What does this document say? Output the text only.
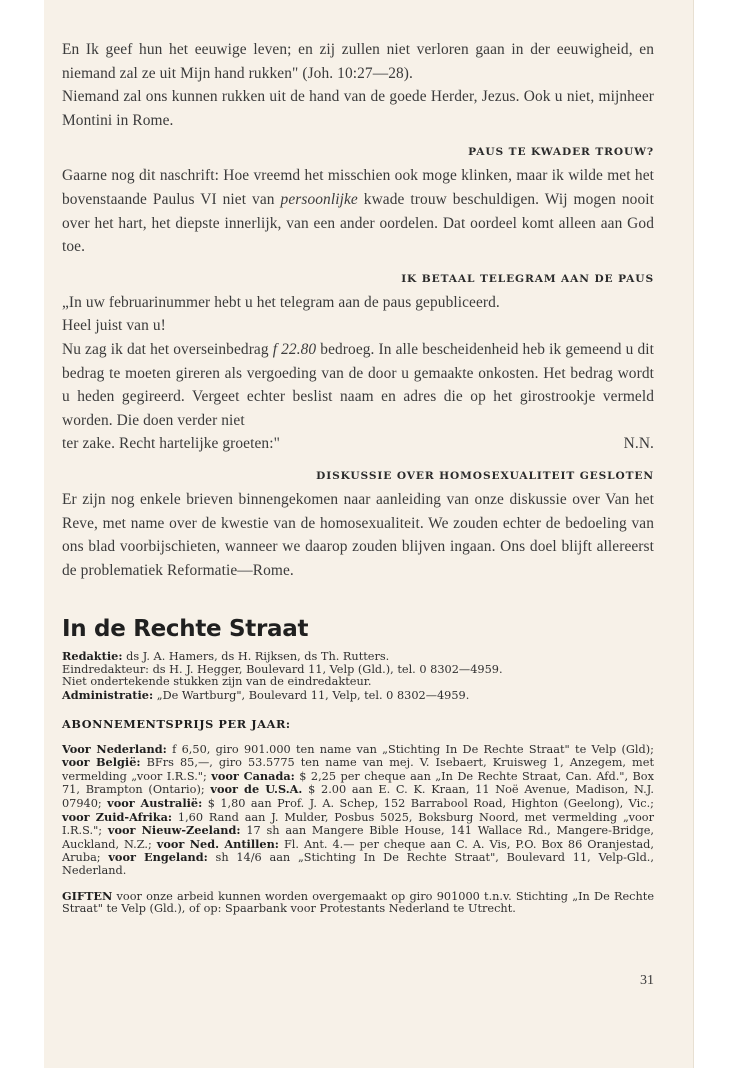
En Ik geef hun het eeuwige leven; en zij zullen niet verloren gaan in der eeuwigheid, en niemand zal ze uit Mijn hand rukken" (Joh. 10:27—28).

Niemand zal ons kunnen rukken uit de hand van de goede Herder, Jezus. Ook u niet, mijnheer Montini in Rome.

PAUS TE KWADER TROUW?

Gaarne nog dit naschrift: Hoe vreemd het misschien ook moge klinken, maar ik wilde met het bovenstaande Paulus VI niet van persoonlijke kwade trouw beschuldigen. Wij mogen nooit over het hart, het diepste innerlijk, van een ander oordelen. Dat oordeel komt alleen aan God toe.

IK BETAAL TELEGRAM AAN DE PAUS

„In uw februarinummer hebt u het telegram aan de paus gepubliceerd.

Heel juist van u!

Nu zag ik dat het overseinbedrag f 22.80 bedroeg. In alle bescheidenheid heb ik gemeend u dit bedrag te moeten gireren als vergoeding van de door u gemaakte onkosten. Het bedrag wordt u heden gegireerd. Vergeet echter beslist naam en adres die op het girostrookje vermeld worden. Die doen verder niet

ter zake. Recht hartelijke groeten:"	N.N.

DISKUSSIE OVER HOMOSEXUALITEIT GESLOTEN

Er zijn nog enkele brieven binnengekomen naar aanleiding van onze diskussie over Van het Reve, met name over de kwestie van de homosexualiteit. We zouden echter de bedoeling van ons blad voorbijschieten, wanneer we daarop zouden blijven ingaan. Ons doel blijft allereerst de problematiek Reformatie—Rome.

In de Rechte Straat

Redaktie: ds J. A. Hamers, ds H. Rijksen, ds Th. Rutters.

Eindredakteur: ds H. J. Hegger, Boulevard 11, Velp (Gld.), tel. 0 8302—4959.

Niet ondertekende stukken zijn van de eindredakteur.

Administratie: „De Wartburg", Boulevard 11, Velp, tel. 0 8302—4959.

ABONNEMENTSPRIJS PER JAAR:

Voor Nederland: f 6,50, giro 901.000 ten name van „Stichting In De Rechte Straat" te Velp (Gld); voor België: BFrs 85,—, giro 53.5775 ten name van mej. V. Isebaert, Kruisweg 1, Anzegem, met vermelding „voor I.R.S."; voor Canada: $ 2,25 per cheque aan „In De Rechte Straat, Can. Afd.", Box 71, Brampton (Ontario); voor de U.S.A. $ 2.00 aan E. C. K. Kraan, 11 Noë Avenue, Madison, N.J. 07940; voor Australië: $ 1,80 aan Prof. J. A. Schep, 152 Barrabool Road, Highton (Geelong), Vic.; voor Zuid-Afrika: 1,60 Rand aan J. Mulder, Posbus 5025, Boksburg Noord, met vermelding „voor I.R.S."; voor Nieuw-Zeeland: 17 sh aan Mangere Bible House, 141 Wallace Rd., Mangere-Bridge, Auckland, N.Z.; voor Ned. Antillen: Fl. Ant. 4.— per cheque aan C. A. Vis, P.O. Box 86 Oranjestad, Aruba; voor Engeland: sh 14/6 aan „Stichting In De Rechte Straat", Boulevard 11, Velp-Gld., Nederland.

GIFTEN voor onze arbeid kunnen worden overgemaakt op giro 901000 t.n.v. Stichting „In De Rechte Straat" te Velp (Gld.), of op: Spaarbank voor Protestants Nederland te Utrecht.

31
